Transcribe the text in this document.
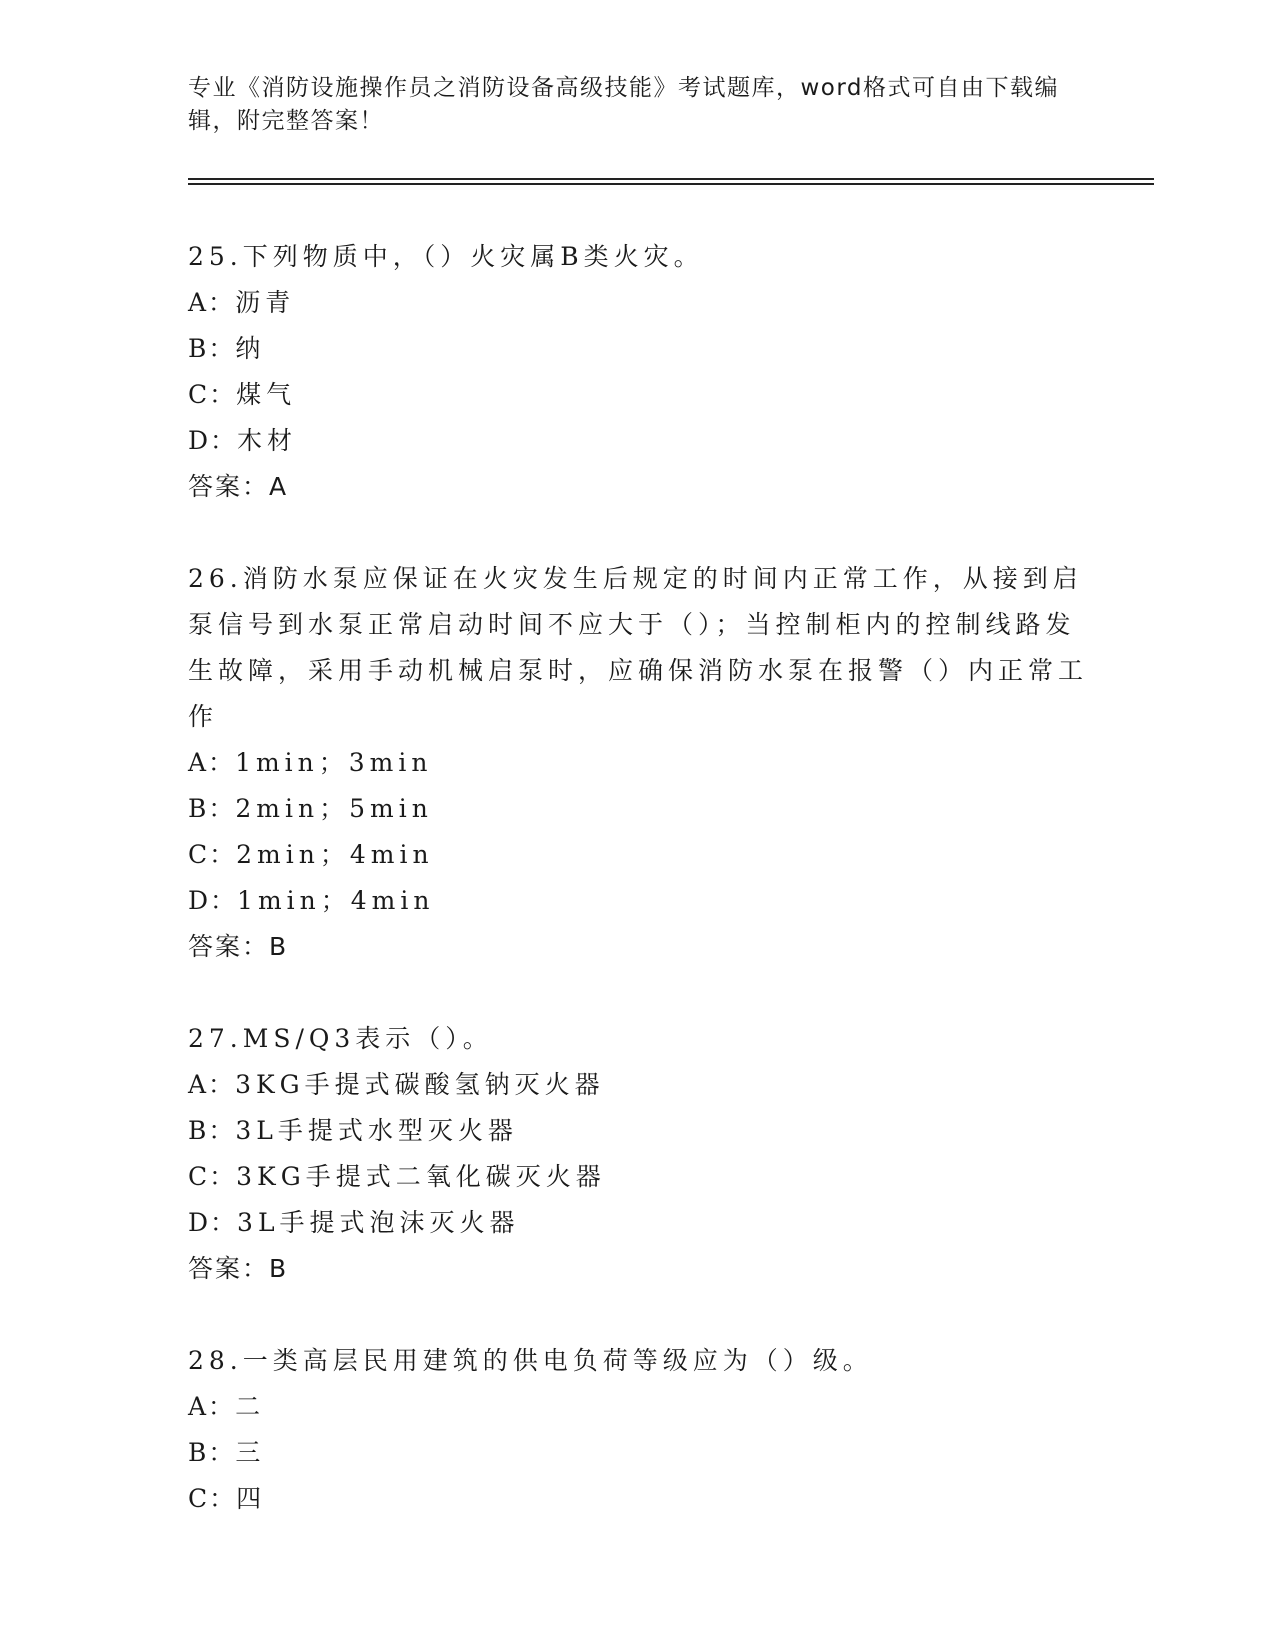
专业《消防设施操作员之消防设备高级技能》考试题库，word格式可自由下载编辑，附完整答案！

25.下列物质中，（）火灾属B类火灾。

A：沥青

B：纳

C：煤气

D：木材

答案：A

26.消防水泵应保证在火灾发生后规定的时间内正常工作，从接到启泵信号到水泵正常启动时间不应大于（）；当控制柜内的控制线路发生故障，采用手动机械启泵时，应确保消防水泵在报警（）内正常工作

A：1min；3min

B：2min；5min

C：2min；4min

D：1min；4min

答案：B

27.MS/Q3表示（）。

A：3KG手提式碳酸氢钠灭火器

B：3L手提式水型灭火器

C：3KG手提式二氧化碳灭火器

D：3L手提式泡沫灭火器

答案：B

28.一类高层民用建筑的供电负荷等级应为（）级。

A：二

B：三

C：四
